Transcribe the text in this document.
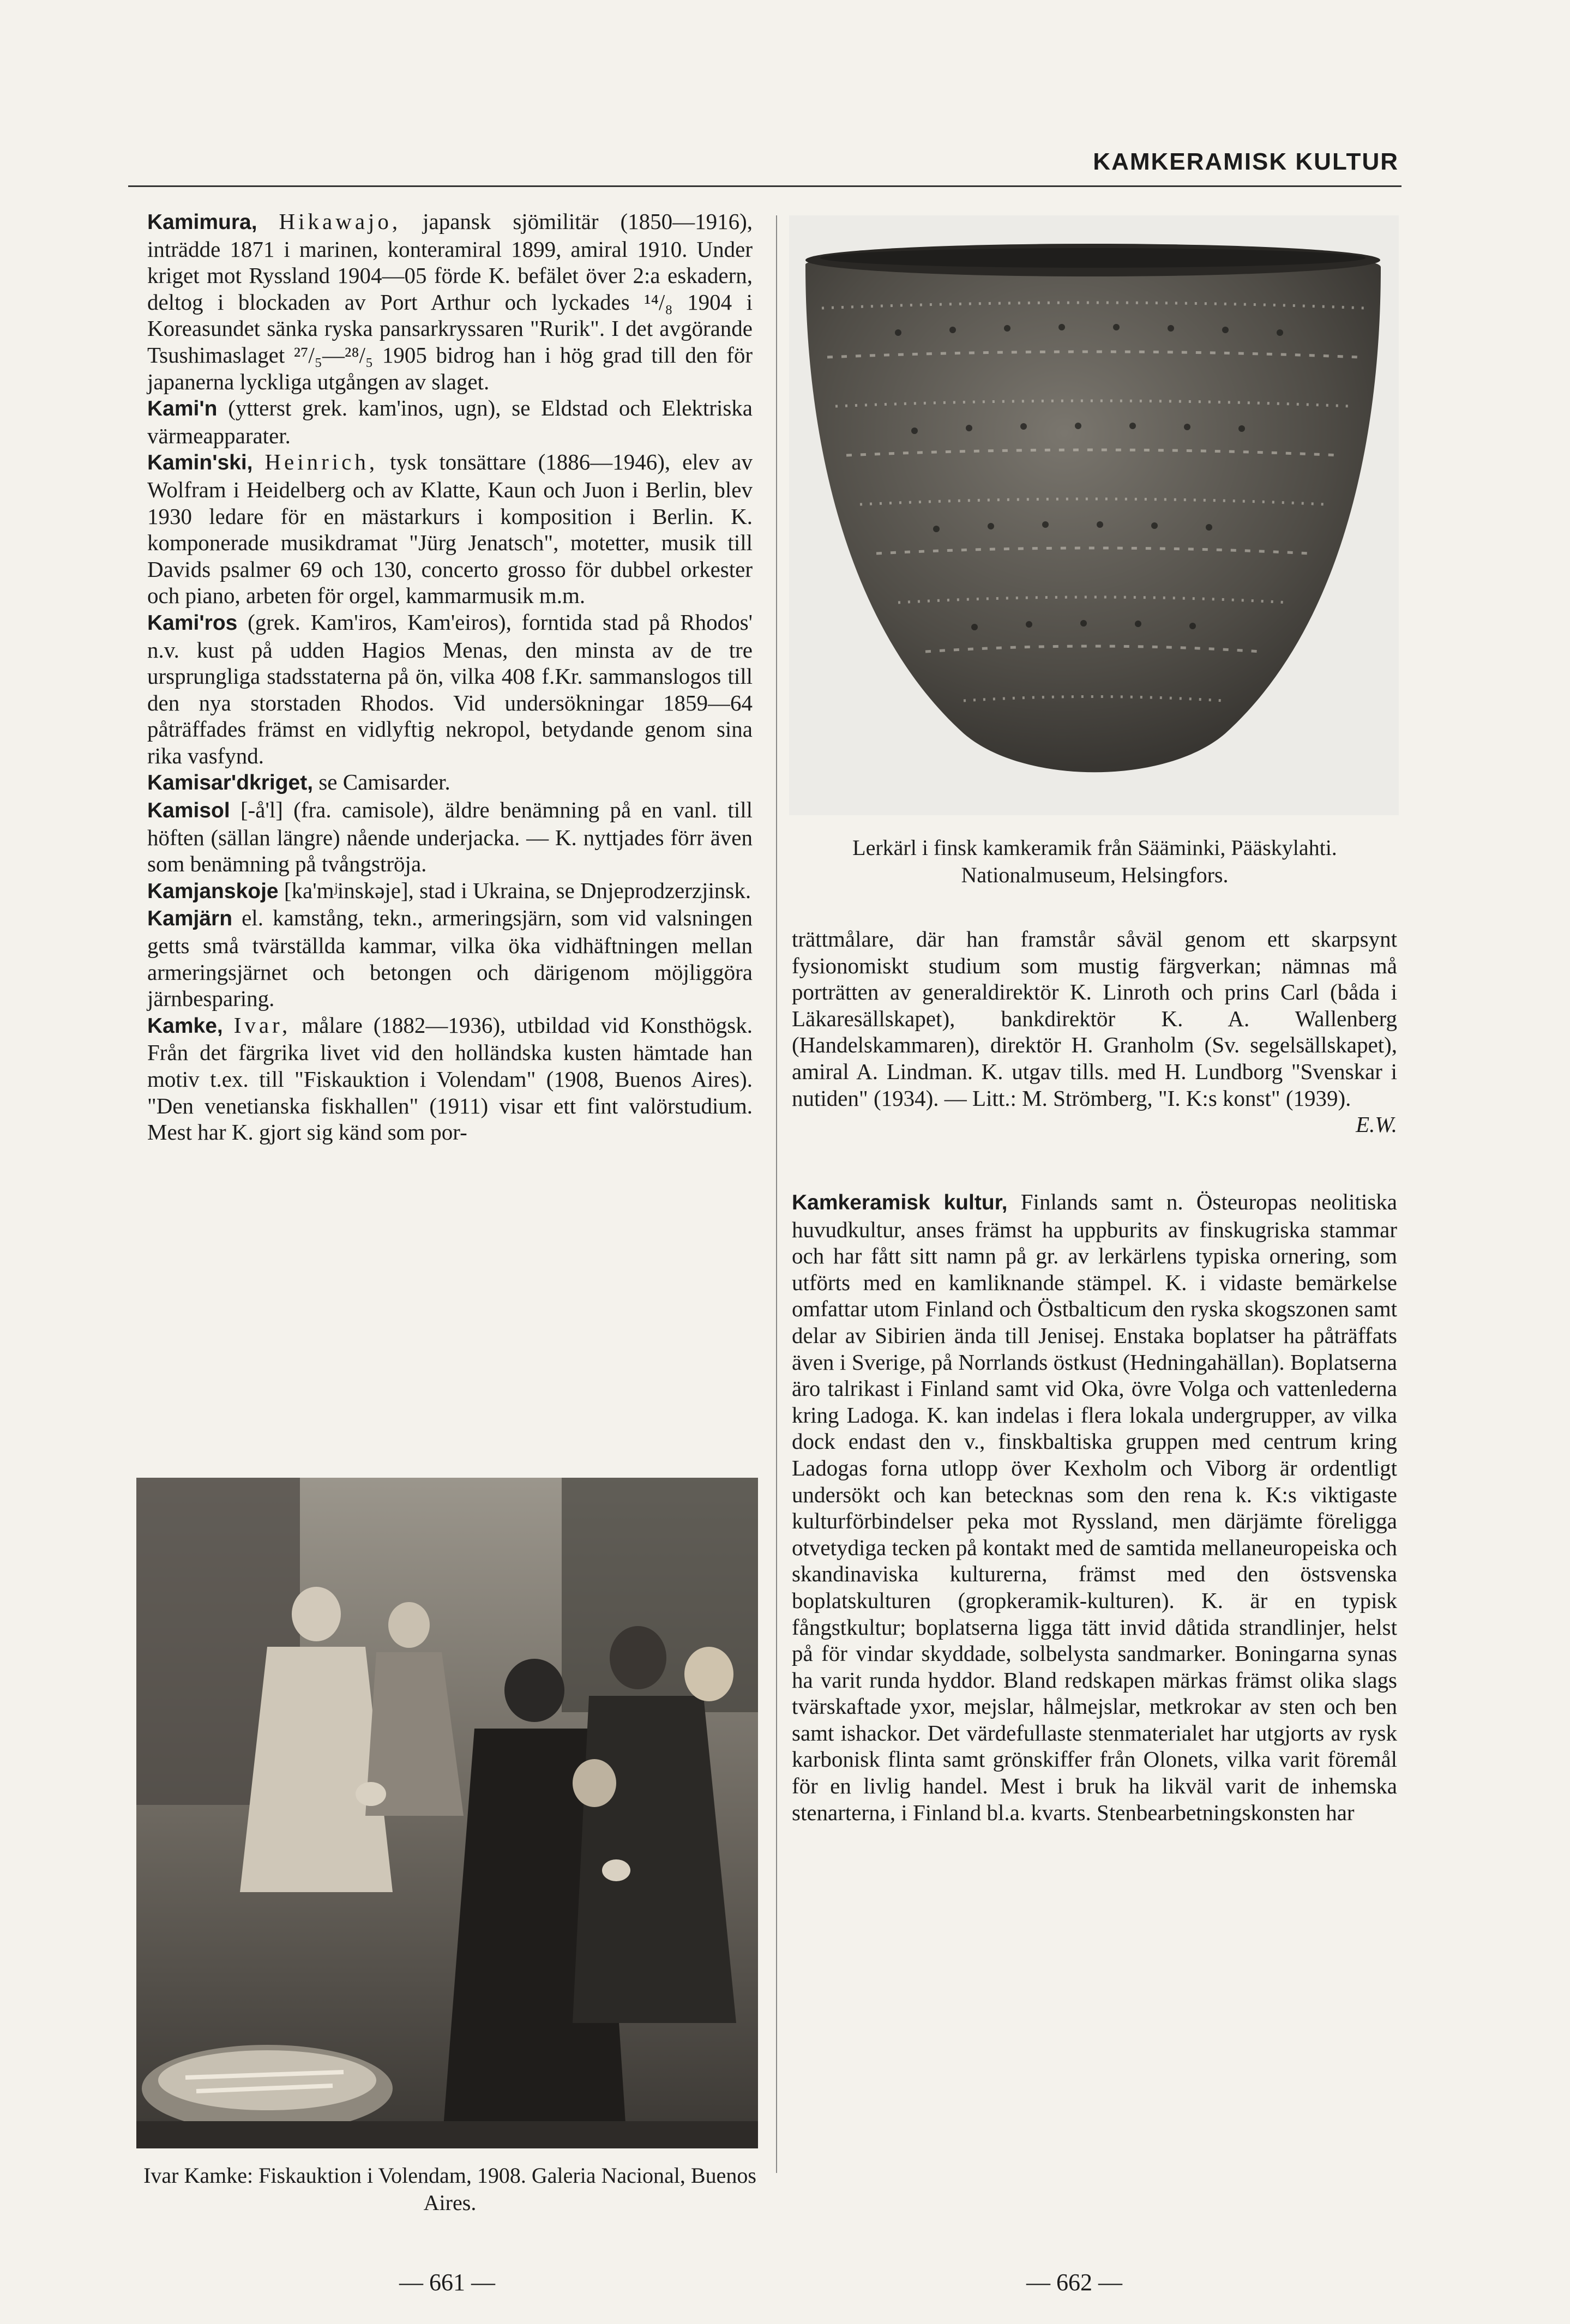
KAMKERAMISK KULTUR

Kamimura, Hikawajo, japansk sjömilitär (1850—1916), inträdde 1871 i marinen, konteramiral 1899, amiral 1910. Under kriget mot Ryssland 1904—05 förde K. befälet över 2:a eskadern, deltog i blockaden av Port Arthur och lyckades ¹⁴/₈ 1904 i Koreasundet sänka ryska pansarkryssaren "Rurik". I det avgörande Tsushimaslaget ²⁷/₅—²⁸/₅ 1905 bidrog han i hög grad till den för japanerna lyckliga utgången av slaget.

Kami'n (ytterst grek. kam'inos, ugn), se Eldstad och Elektriska värmeapparater.

Kamin'ski, Heinrich, tysk tonsättare (1886—1946), elev av Wolfram i Heidelberg och av Klatte, Kaun och Juon i Berlin, blev 1930 ledare för en mästarkurs i komposition i Berlin. K. komponerade musikdramat "Jürg Jenatsch", motetter, musik till Davids psalmer 69 och 130, concerto grosso för dubbel orkester och piano, arbeten för orgel, kammarmusik m.m.

Kami'ros (grek. Kam'iros, Kam'eiros), forntida stad på Rhodos' n.v. kust på udden Hagios Menas, den minsta av de tre ursprungliga stadsstaterna på ön, vilka 408 f.Kr. sammanslogos till den nya storstaden Rhodos. Vid undersökningar 1859—64 påträffades främst en vidlyftig nekropol, betydande genom sina rika vasfynd.

Kamisar'dkriget, se Camisarder.

Kamisol [-å'l] (fra. camisole), äldre benämning på en vanl. till höften (sällan längre) nående underjacka. — K. nyttjades förr även som benämning på tvångströja.

Kamjanskoje [ka'mʲinskəje], stad i Ukraina, se Dnjeprodzerzjinsk.

Kamjärn el. kamstång, tekn., armeringsjärn, som vid valsningen getts små tvärställda kammar, vilka öka vidhäftningen mellan armeringsjärnet och betongen och därigenom möjliggöra järnbesparing.

Kamke, Ivar, målare (1882—1936), utbildad vid Konsthögsk. Från det färgrika livet vid den holländska kusten hämtade han motiv t.ex. till "Fiskauktion i Volendam" (1908, Buenos Aires). "Den venetianska fiskhallen" (1911) visar ett fint valörstudium. Mest har K. gjort sig känd som por-

Lerkärl i finsk kamkeramik från Sääminki, Pääskylahti. Nationalmuseum, Helsingfors.

trättmålare, där han framstår såväl genom ett skarpsynt fysionomiskt studium som mustig färgverkan; nämnas må porträtten av generaldirektör K. Linroth och prins Carl (båda i Läkaresällskapet), bankdirektör K. A. Wallenberg (Handelskammaren), direktör H. Granholm (Sv. segelsällskapet), amiral A. Lindman. K. utgav tills. med H. Lundborg "Svenskar i nutiden" (1934). — Litt.: M. Strömberg, "I. K:s konst" (1939).
E.W.

Kamkeramisk kultur, Finlands samt n. Östeuropas neolitiska huvudkultur, anses främst ha uppburits av finskugriska stammar och har fått sitt namn på gr. av lerkärlens typiska ornering, som utförts med en kamliknande stämpel. K. i vidaste bemärkelse omfattar utom Finland och Östbalticum den ryska skogszonen samt delar av Sibirien ända till Jenisej. Enstaka boplatser ha påträffats även i Sverige, på Norrlands östkust (Hedningahällan). Boplatserna äro talrikast i Finland samt vid Oka, övre Volga och vattenlederna kring Ladoga. K. kan indelas i flera lokala undergrupper, av vilka dock endast den v., finskbaltiska gruppen med centrum kring Ladogas forna utlopp över Kexholm och Viborg är ordentligt undersökt och kan betecknas som den rena k. K:s viktigaste kulturförbindelser peka mot Ryssland, men därjämte föreligga otvetydiga tecken på kontakt med de samtida mellaneuropeiska och skandinaviska kulturerna, främst med den östsvenska boplatskulturen (gropkeramik-kulturen). K. är en typisk fångstkultur; boplatserna ligga tätt invid dåtida strandlinjer, helst på för vindar skyddade, solbelysta sandmarker. Boningarna synas ha varit runda hyddor. Bland redskapen märkas främst olika slags tvärskaftade yxor, mejslar, hålmejslar, metkrokar av sten och ben samt ishackor. Det värdefullaste stenmaterialet har utgjorts av rysk karbonisk flinta samt grönskiffer från Olonets, vilka varit föremål för en livlig handel. Mest i bruk ha likväl varit de inhemska stenarterna, i Finland bl.a. kvarts. Stenbearbetningskonsten har

Ivar Kamke: Fiskauktion i Volendam, 1908. Galeria Nacional, Buenos Aires.
— 661 —	— 662 —
